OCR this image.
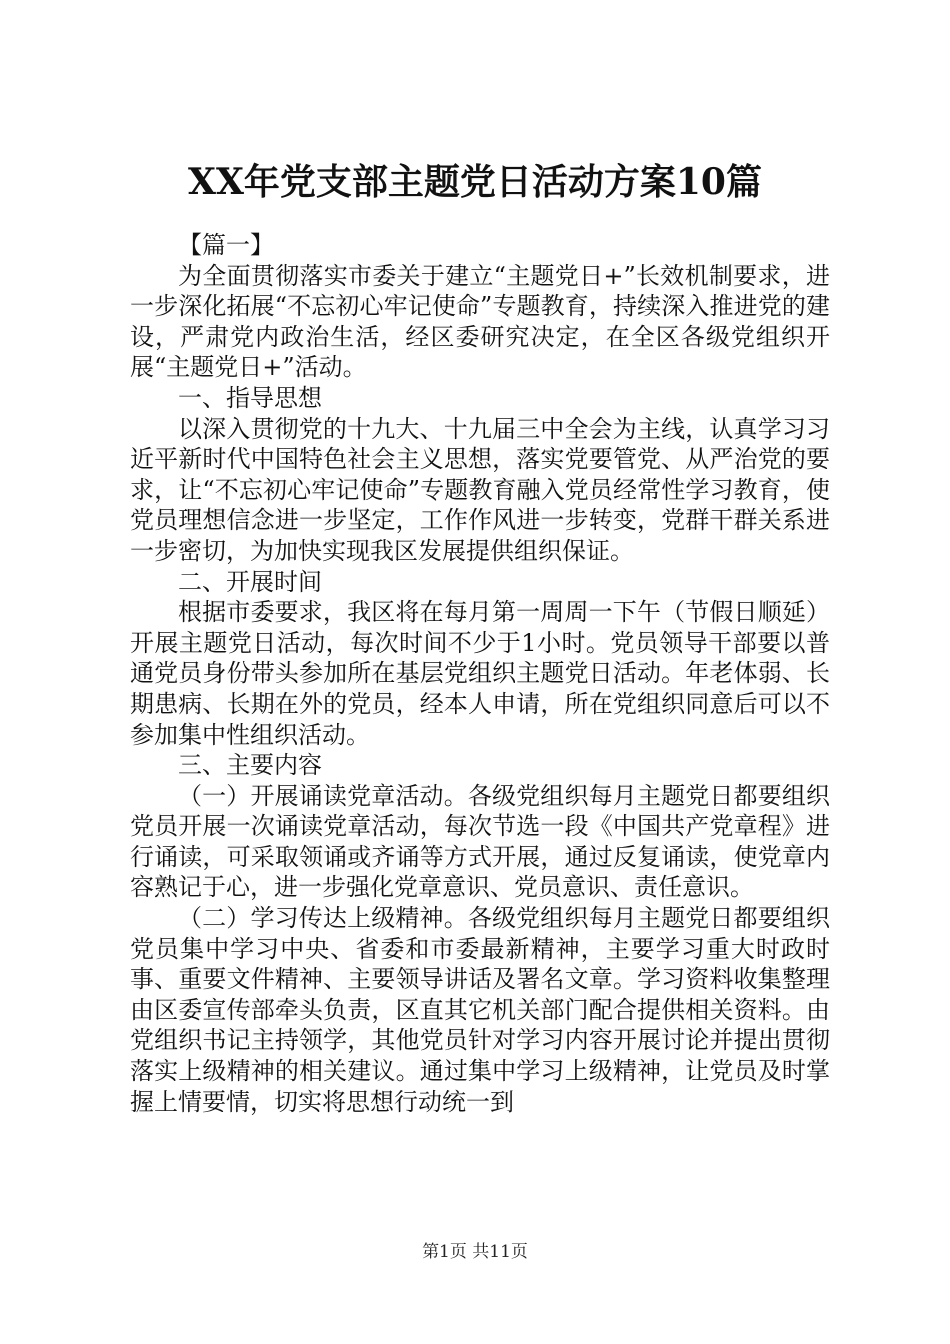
XX年党支部主题党日活动方案10篇

【篇一】

为全面贯彻落实市委关于建立“主题党日+”长效机制要求，进一步深化拓展“不忘初心牢记使命”专题教育，持续深入推进党的建设，严肃党内政治生活，经区委研究决定，在全区各级党组织开展“主题党日+”活动。

一、指导思想

以深入贯彻党的十九大、十九届三中全会为主线，认真学习习近平新时代中国特色社会主义思想，落实党要管党、从严治党的要求，让“不忘初心牢记使命”专题教育融入党员经常性学习教育，使党员理想信念进一步坚定，工作作风进一步转变，党群干群关系进一步密切，为加快实现我区发展提供组织保证。

二、开展时间

根据市委要求，我区将在每月第一周周一下午（节假日顺延）开展主题党日活动，每次时间不少于1小时。党员领导干部要以普通党员身份带头参加所在基层党组织主题党日活动。年老体弱、长期患病、长期在外的党员，经本人申请，所在党组织同意后可以不参加集中性组织活动。

三、主要内容

（一）开展诵读党章活动。各级党组织每月主题党日都要组织党员开展一次诵读党章活动，每次节选一段《中国共产党章程》进行诵读，可采取领诵或齐诵等方式开展，通过反复诵读，使党章内容熟记于心，进一步强化党章意识、党员意识、责任意识。

（二）学习传达上级精神。各级党组织每月主题党日都要组织党员集中学习中央、省委和市委最新精神，主要学习重大时政时事、重要文件精神、主要领导讲话及署名文章。学习资料收集整理由区委宣传部牵头负责，区直其它机关部门配合提供相关资料。由党组织书记主持领学，其他党员针对学习内容开展讨论并提出贯彻落实上级精神的相关建议。通过集中学习上级精神，让党员及时掌握上情要情，切实将思想行动统一到

第1页 共11页
